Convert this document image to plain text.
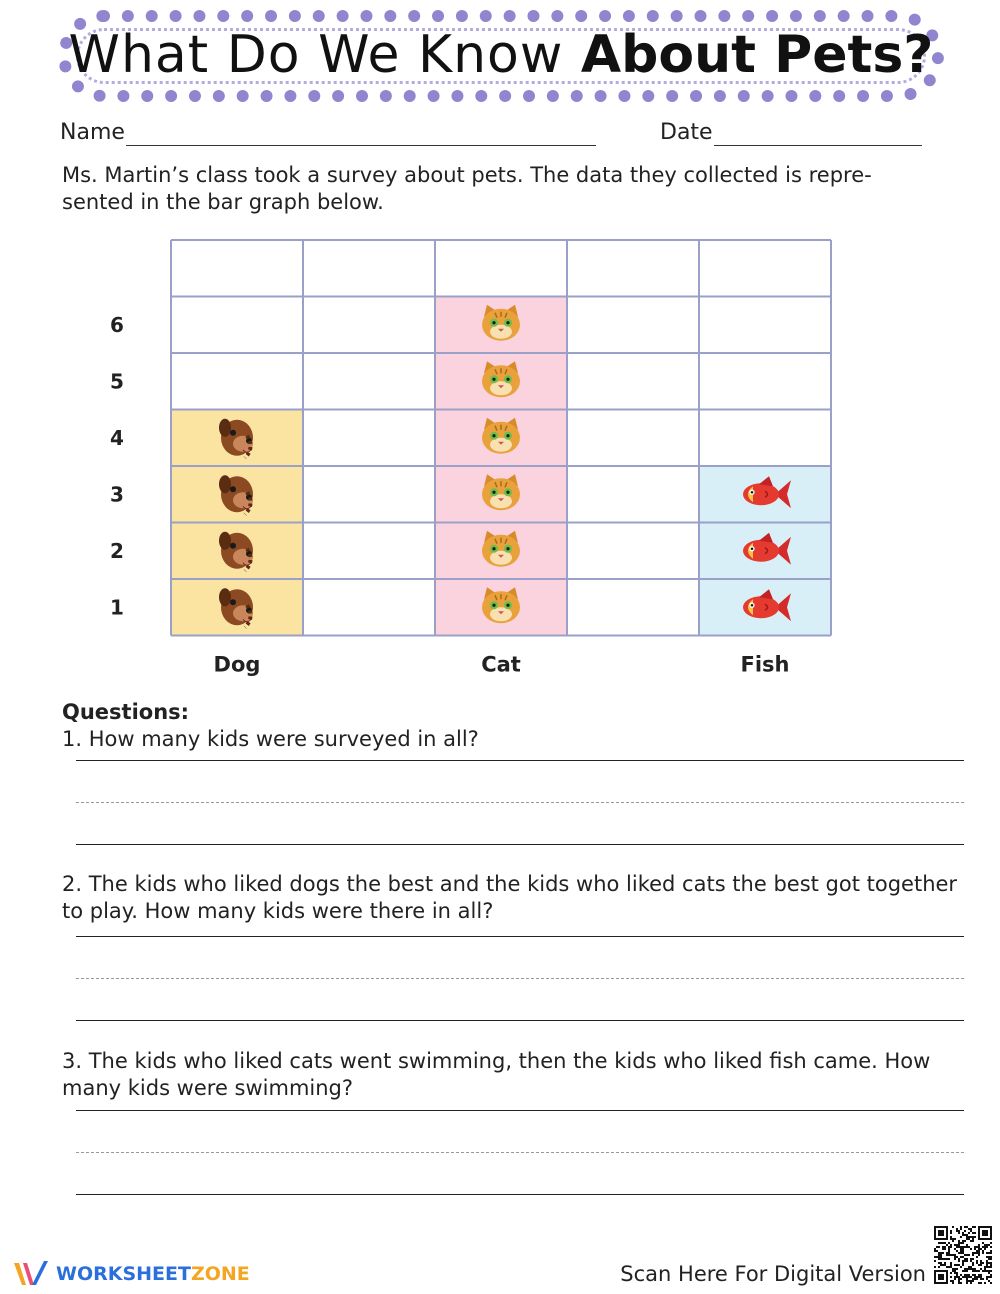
What Do We Know About Pets?
Name	Date
Ms. Martin’s class took a survey about pets. The data they collected is repre-sented in the bar graph below.
1
2
3
4
5
6
Dog	Cat	Fish
Questions:
1. How many kids were surveyed in all?
2. The kids who liked dogs the best and the kids who liked cats the best got together to play. How many kids were there in all?
3. The kids who liked cats went swimming, then the kids who liked fish came. How many kids were swimming?
WORKSHEETZONE	Scan Here For Digital Version
